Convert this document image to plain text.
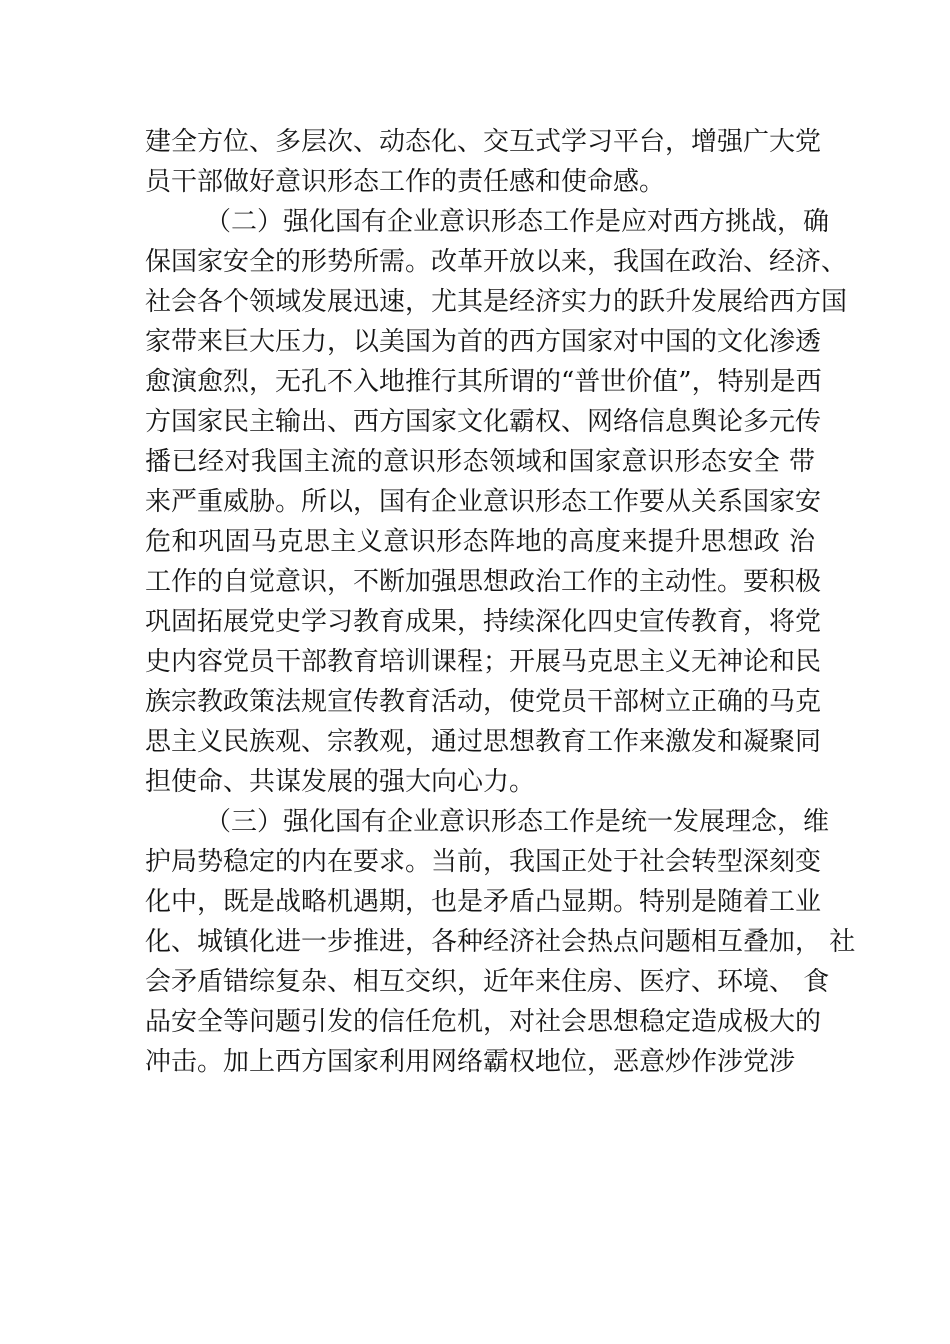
建全方位、多层次、动态化、交互式学习平台，增强广大党
员干部做好意识形态工作的责任感和使命感。
（二）强化国有企业意识形态工作是应对西方挑战，确
保国家安全的形势所需。改革开放以来，我国在政治、经济、
社会各个领域发展迅速，尤其是经济实力的跃升发展给西方国
家带来巨大压力，以美国为首的西方国家对中国的文化渗透
愈演愈烈，无孔不入地推行其所谓的“普世价值”，特别是西
方国家民主输出、西方国家文化霸权、网络信息舆论多元传
播已经对我国主流的意识形态领域和国家意识形态安全 带
来严重威胁。所以，国有企业意识形态工作要从关系国家安
危和巩固马克思主义意识形态阵地的高度来提升思想政 治
工作的自觉意识，不断加强思想政治工作的主动性。要积极
巩固拓展党史学习教育成果，持续深化四史宣传教育，将党
史内容党员干部教育培训课程；开展马克思主义无神论和民
族宗教政策法规宣传教育活动，使党员干部树立正确的马克
思主义民族观、宗教观，通过思想教育工作来激发和凝聚同
担使命、共谋发展的强大向心力。
（三）强化国有企业意识形态工作是统一发展理念，维
护局势稳定的内在要求。当前，我国正处于社会转型深刻变
化中，既是战略机遇期，也是矛盾凸显期。特别是随着工业
化、城镇化进一步推进，各种经济社会热点问题相互叠加， 社
会矛盾错综复杂、相互交织，近年来住房、医疗、环境、 食
品安全等问题引发的信任危机，对社会思想稳定造成极大的
冲击。加上西方国家利用网络霸权地位，恶意炒作涉党涉
